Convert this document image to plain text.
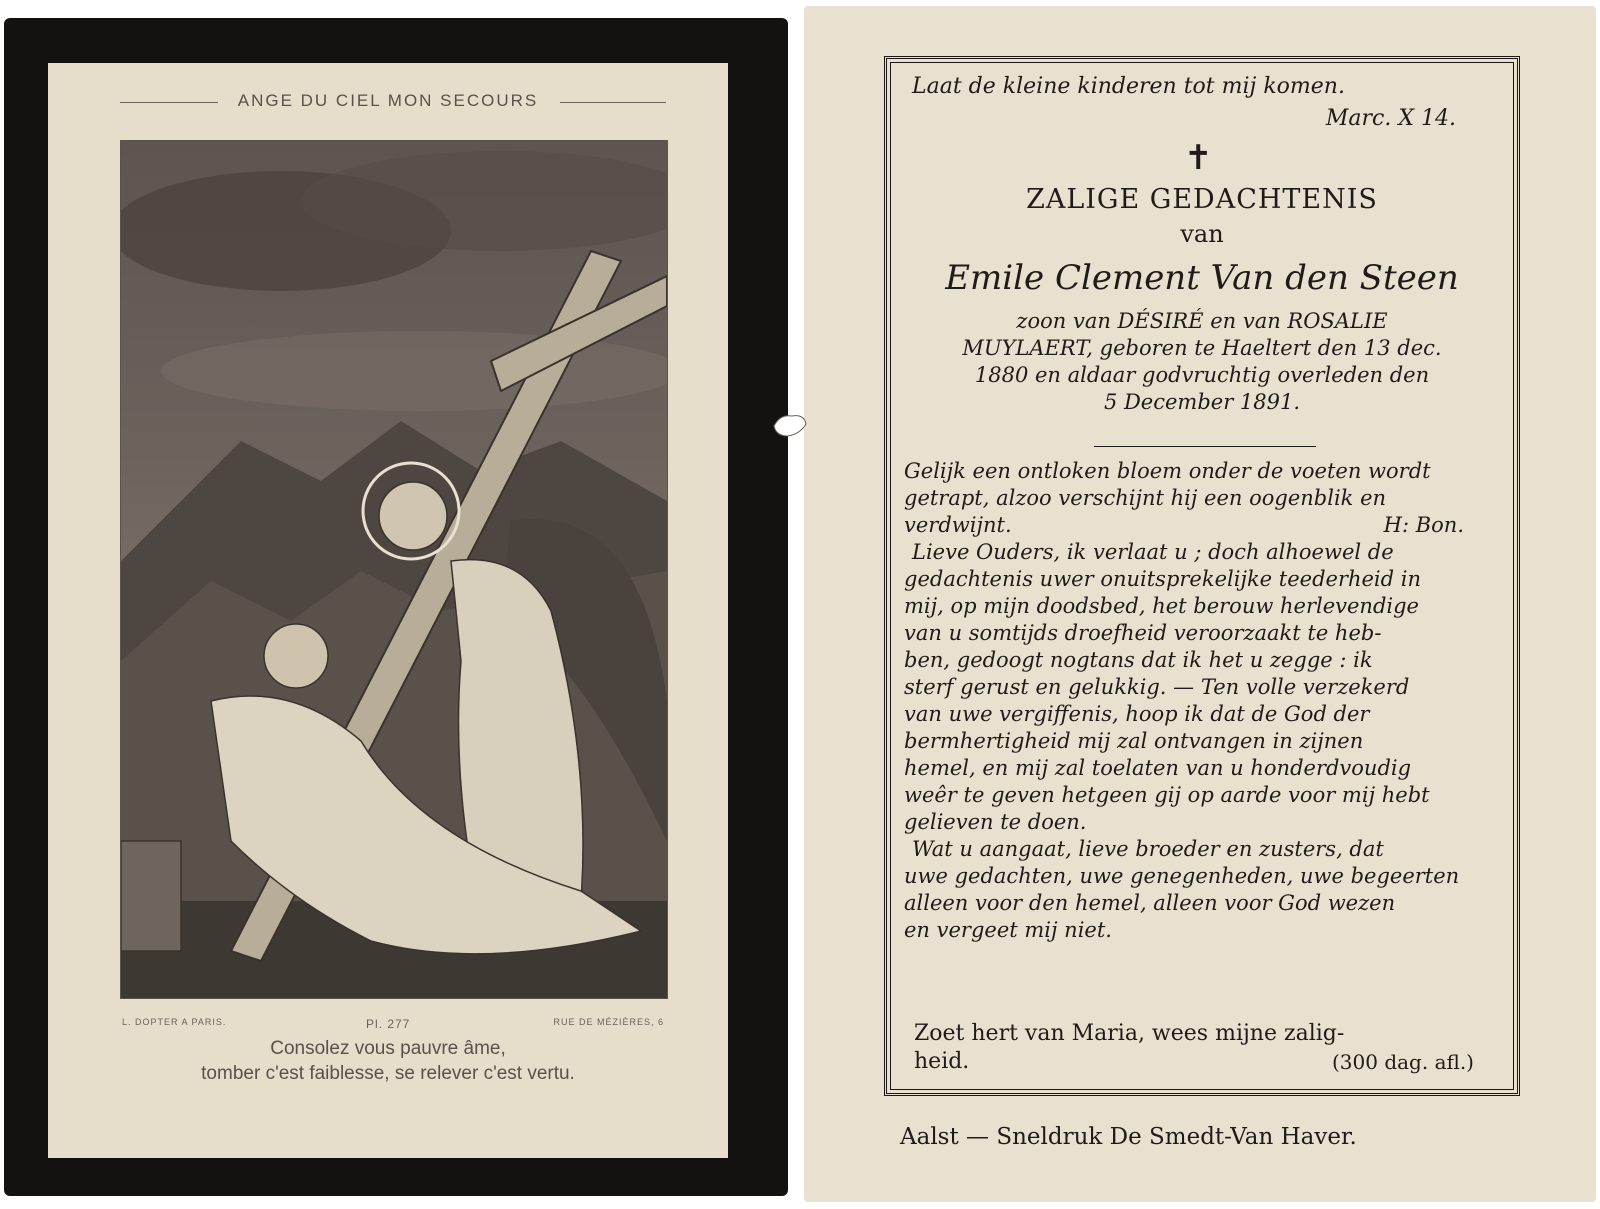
ANGE DU CIEL MON SECOURS
L. DOPTER A PARIS.	Pl. 277	RUE DE MÉZIÈRES, 6
Consolez vous pauvre âme,
tomber c'est faiblesse, se relever c'est vertu.
Laat de kleine kinderen tot mij komen.
Marc. X 14.
✝
ZALIGE GEDACHTENIS
van
Emile Clement Van den Steen
zoon van DÉSIRÉ en van ROSALIE
MUYLAERT, geboren te Haeltert den 13 dec.
1880 en aldaar godvruchtig overleden den
5 December 1891.
Gelijk een ontloken bloem onder de voeten wordt
getrapt, alzoo verschijnt hij een oogenblik en
verdwijnt.	H: Bon.
Lieve Ouders, ik verlaat u ; doch alhoewel de
gedachtenis uwer onuitsprekelijke teederheid in
mij, op mijn doodsbed, het berouw herlevendige
van u somtijds droefheid veroorzaakt te heb-
ben, gedoogt nogtans dat ik het u zegge : ik
sterf gerust en gelukkig. — Ten volle verzekerd
van uwe vergiffenis, hoop ik dat de God der
bermhertigheid mij zal ontvangen in zijnen
hemel, en mij zal toelaten van u honderdvoudig
weêr te geven hetgeen gij op aarde voor mij hebt
gelieven te doen.
Wat u aangaat, lieve broeder en zusters, dat
uwe gedachten, uwe genegenheden, uwe begeerten
alleen voor den hemel, alleen voor God wezen
en vergeet mij niet.
Zoet hert van Maria, wees mijne zalig-
heid.	(300 dag. afl.)
Aalst — Sneldruk De Smedt-Van Haver.
